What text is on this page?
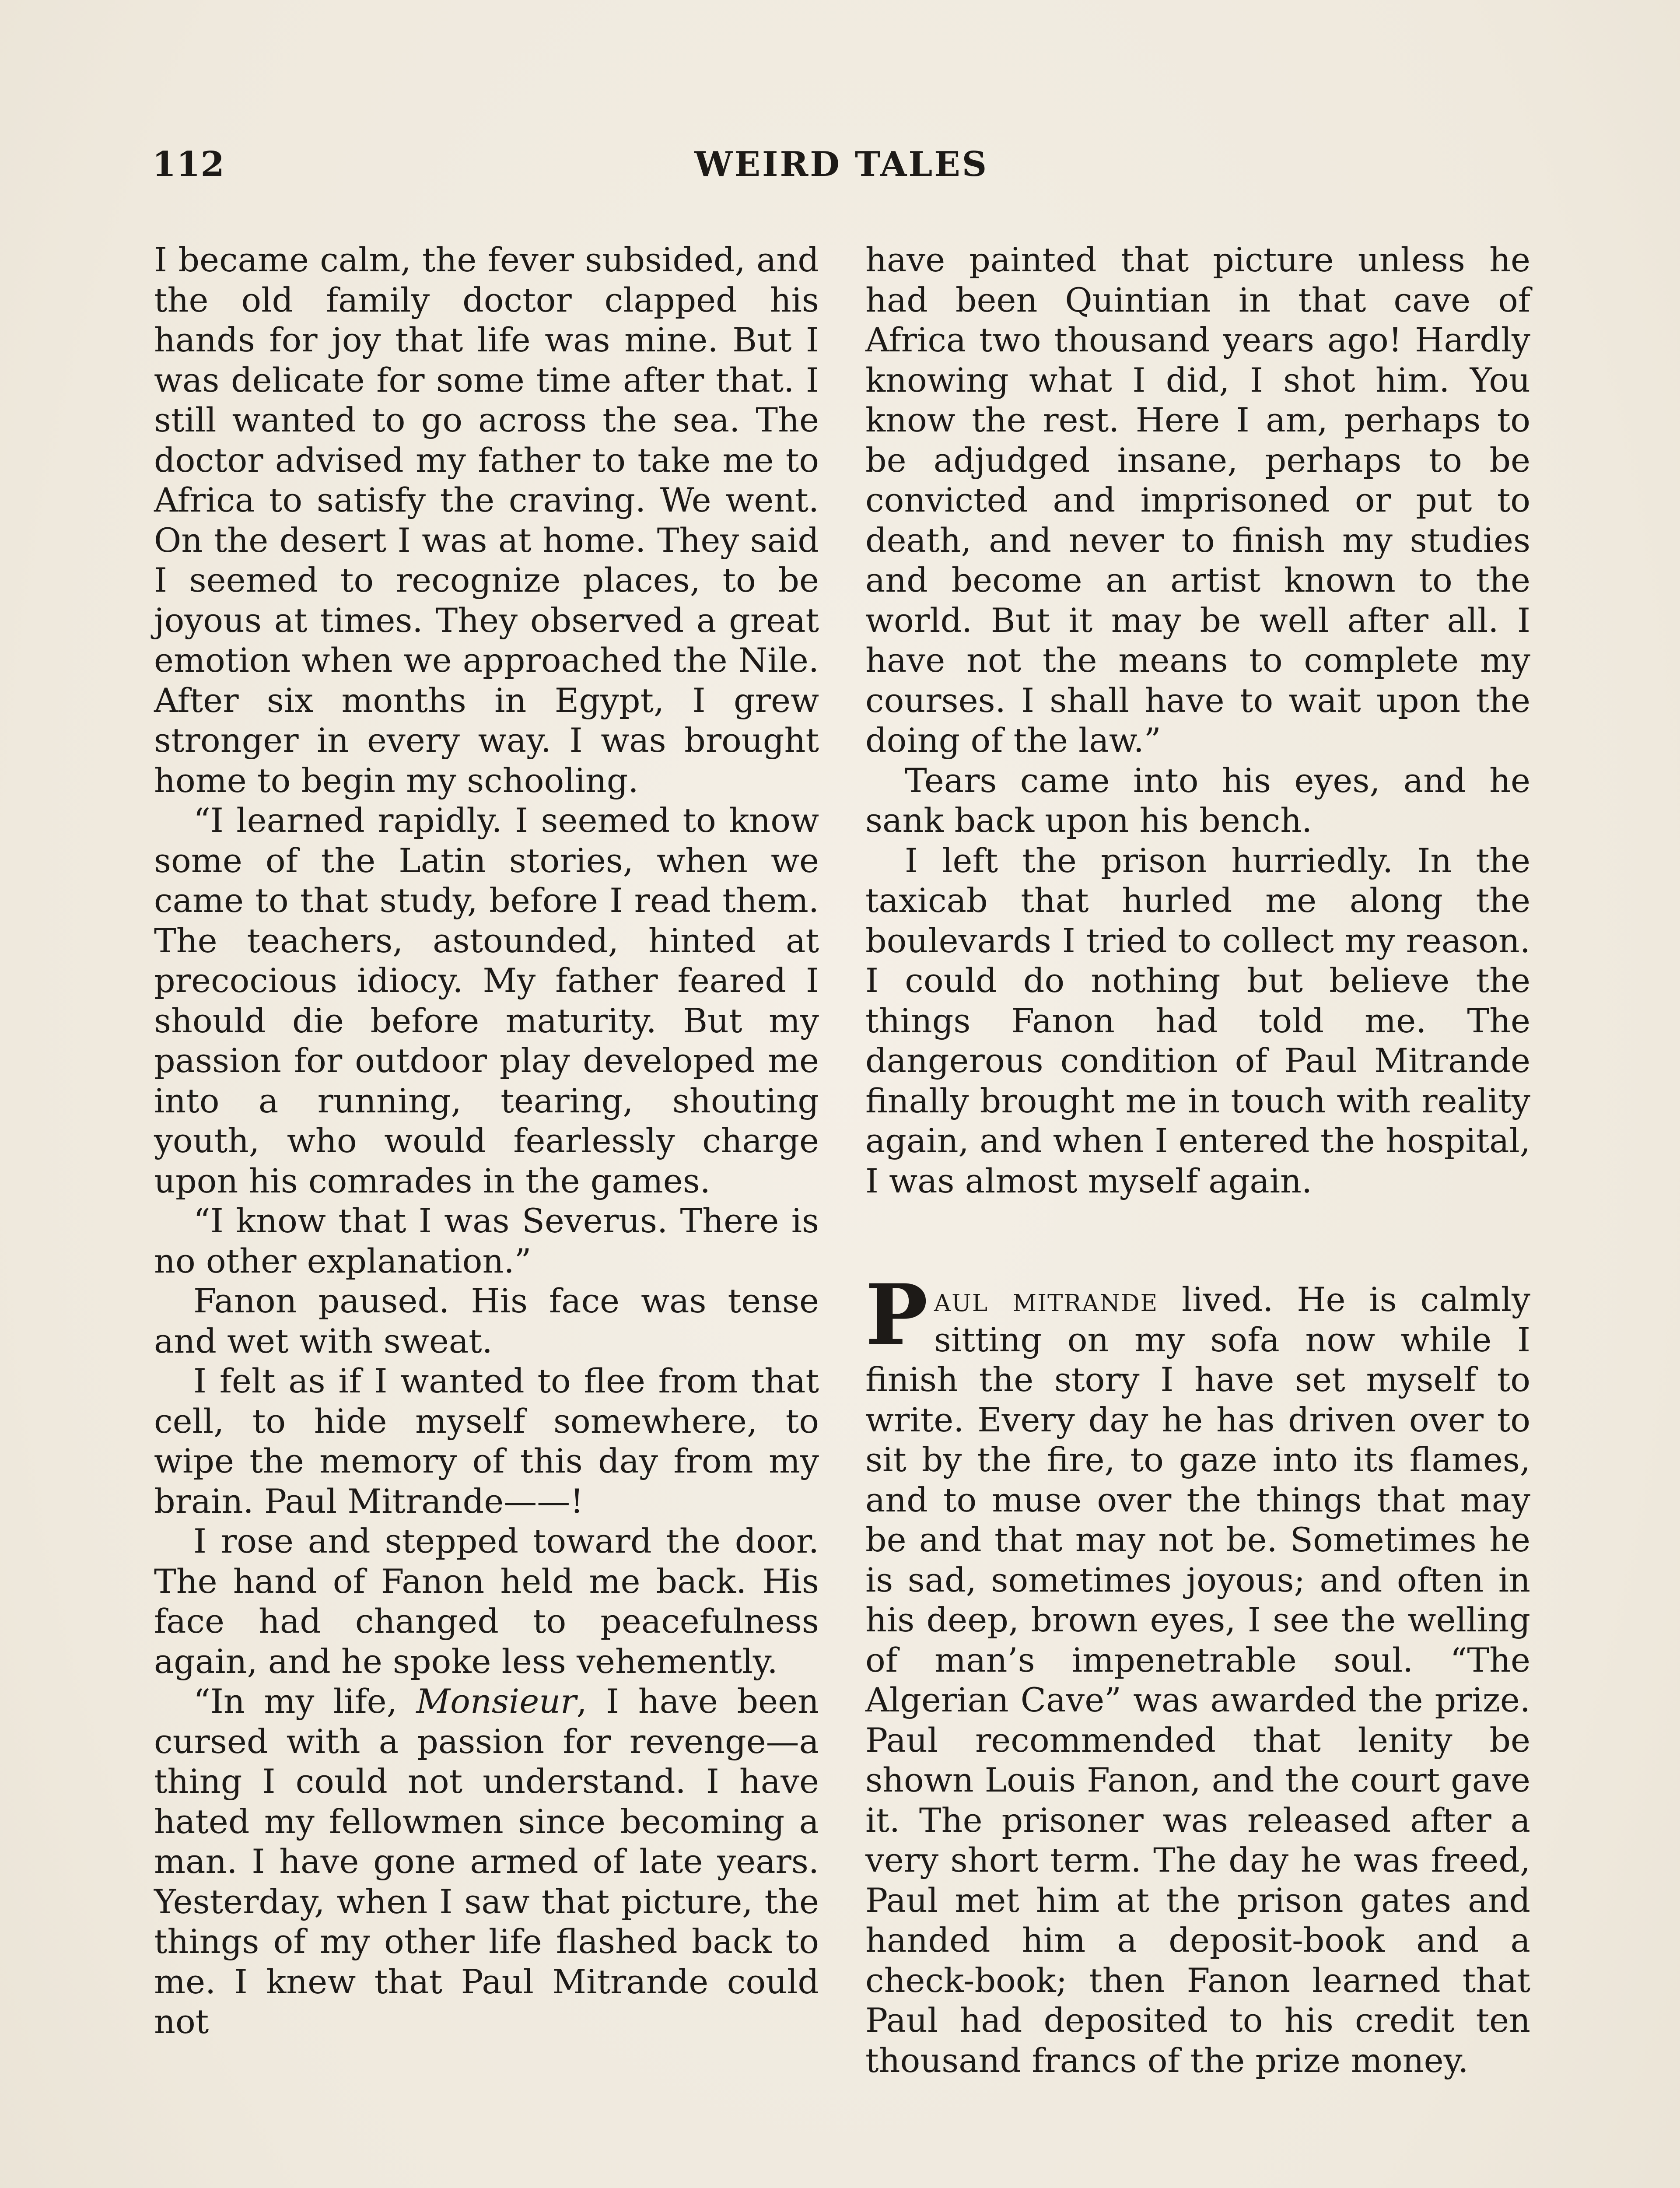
112	WEIRD TALES

I became calm, the fever subsided, and the old family doctor clapped his hands for joy that life was mine. But I was delicate for some time after that. I still wanted to go across the sea. The doctor advised my father to take me to Africa to satisfy the craving. We went. On the desert I was at home. They said I seemed to recognize places, to be joyous at times. They observed a great emotion when we approached the Nile. After six months in Egypt, I grew stronger in every way. I was brought home to begin my schooling.

“I learned rapidly. I seemed to know some of the Latin stories, when we came to that study, before I read them. The teachers, astounded, hinted at precocious idiocy. My father feared I should die before maturity. But my passion for outdoor play developed me into a running, tearing, shouting youth, who would fearlessly charge upon his comrades in the games.

“I know that I was Severus. There is no other explanation.”

Fanon paused. His face was tense and wet with sweat.

I felt as if I wanted to flee from that cell, to hide myself somewhere, to wipe the memory of this day from my brain. Paul Mitrande——!

I rose and stepped toward the door. The hand of Fanon held me back. His face had changed to peacefulness again, and he spoke less vehemently.

“In my life, Monsieur, I have been cursed with a passion for revenge—a thing I could not understand. I have hated my fellowmen since becoming a man. I have gone armed of late years. Yesterday, when I saw that picture, the things of my other life flashed back to me. I knew that Paul Mitrande could not

have painted that picture unless he had been Quintian in that cave of Africa two thousand years ago! Hardly knowing what I did, I shot him. You know the rest. Here I am, perhaps to be adjudged insane, perhaps to be convicted and imprisoned or put to death, and never to finish my studies and become an artist known to the world. But it may be well after all. I have not the means to complete my courses. I shall have to wait upon the doing of the law.”

Tears came into his eyes, and he sank back upon his bench.

I left the prison hurriedly. In the taxicab that hurled me along the boulevards I tried to collect my reason. I could do nothing but believe the things Fanon had told me. The dangerous condition of Paul Mitrande finally brought me in touch with reality again, and when I entered the hospital, I was almost myself again.

Paul mitrande lived. He is calmly sitting on my sofa now while I finish the story I have set myself to write. Every day he has driven over to sit by the fire, to gaze into its flames, and to muse over the things that may be and that may not be. Sometimes he is sad, sometimes joyous; and often in his deep, brown eyes, I see the welling of man’s impenetrable soul. “The Algerian Cave” was awarded the prize. Paul recommended that lenity be shown Louis Fanon, and the court gave it. The prisoner was released after a very short term. The day he was freed, Paul met him at the prison gates and handed him a deposit-book and a check-book; then Fanon learned that Paul had deposited to his credit ten thousand francs of the prize money.
